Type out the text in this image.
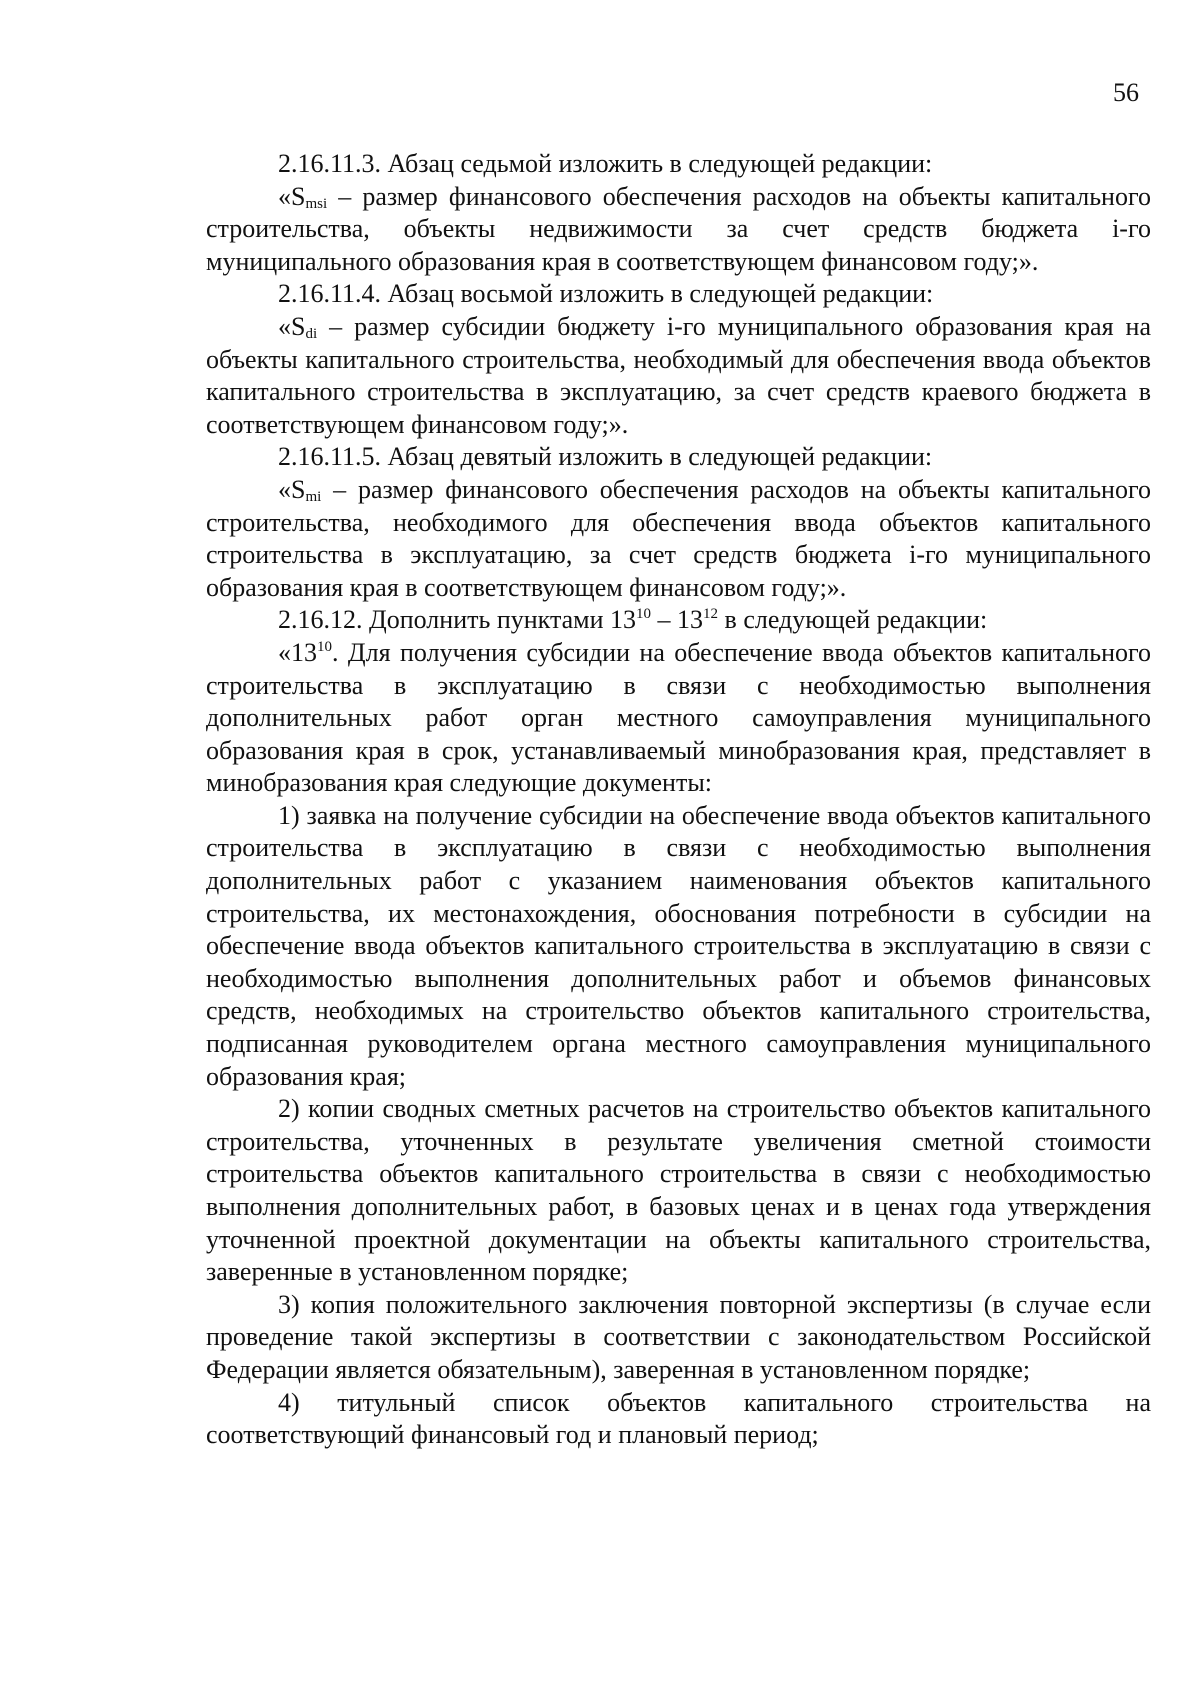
56

2.16.11.3. Абзац седьмой изложить в следующей редакции:

«$S_{msi}$ – размер финансового обеспечения расходов на объекты капитального строительства, объекты недвижимости за счет средств бюджета i-го муниципального образования края в соответствующем финансовом году;».

2.16.11.4. Абзац восьмой изложить в следующей редакции:

«$S_{di}$ – размер субсидии бюджету i-го муниципального образования края на объекты капитального строительства, необходимый для обеспечения ввода объектов капитального строительства в эксплуатацию, за счет средств краевого бюджета в соответствующем финансовом году;».

2.16.11.5. Абзац девятый изложить в следующей редакции:

«$S_{mi}$ – размер финансового обеспечения расходов на объекты капитального строительства, необходимого для обеспечения ввода объектов капитального строительства в эксплуатацию, за счет средств бюджета i-го муниципального образования края в соответствующем финансовом году;».

2.16.12. Дополнить пунктами $13^{10} - 13^{12}$ в следующей редакции:

«$13^{10}$. Для получения субсидии на обеспечение ввода объектов капитального строительства в эксплуатацию в связи с необходимостью выполнения дополнительных работ орган местного самоуправления муниципального образования края в срок, устанавливаемый минобразования края, представляет в минобразования края следующие документы:

1) заявка на получение субсидии на обеспечение ввода объектов капитального строительства в эксплуатацию в связи с необходимостью выполнения дополнительных работ с указанием наименования объектов капитального строительства, их местонахождения, обоснования потребности в субсидии на обеспечение ввода объектов капитального строительства в эксплуатацию в связи с необходимостью выполнения дополнительных работ и объемов финансовых средств, необходимых на строительство объектов капитального строительства, подписанная руководителем органа местного самоуправления муниципального образования края;

2) копии сводных сметных расчетов на строительство объектов капитального строительства, уточненных в результате увеличения сметной стоимости строительства объектов капитального строительства в связи с необходимостью выполнения дополнительных работ, в базовых ценах и в ценах года утверждения уточненной проектной документации на объекты капитального строительства, заверенные в установленном порядке;

3) копия положительного заключения повторной экспертизы (в случае если проведение такой экспертизы в соответствии с законодательством Российской Федерации является обязательным), заверенная в установленном порядке;

4) титульный список объектов капитального строительства на соответствующий финансовый год и плановый период;
